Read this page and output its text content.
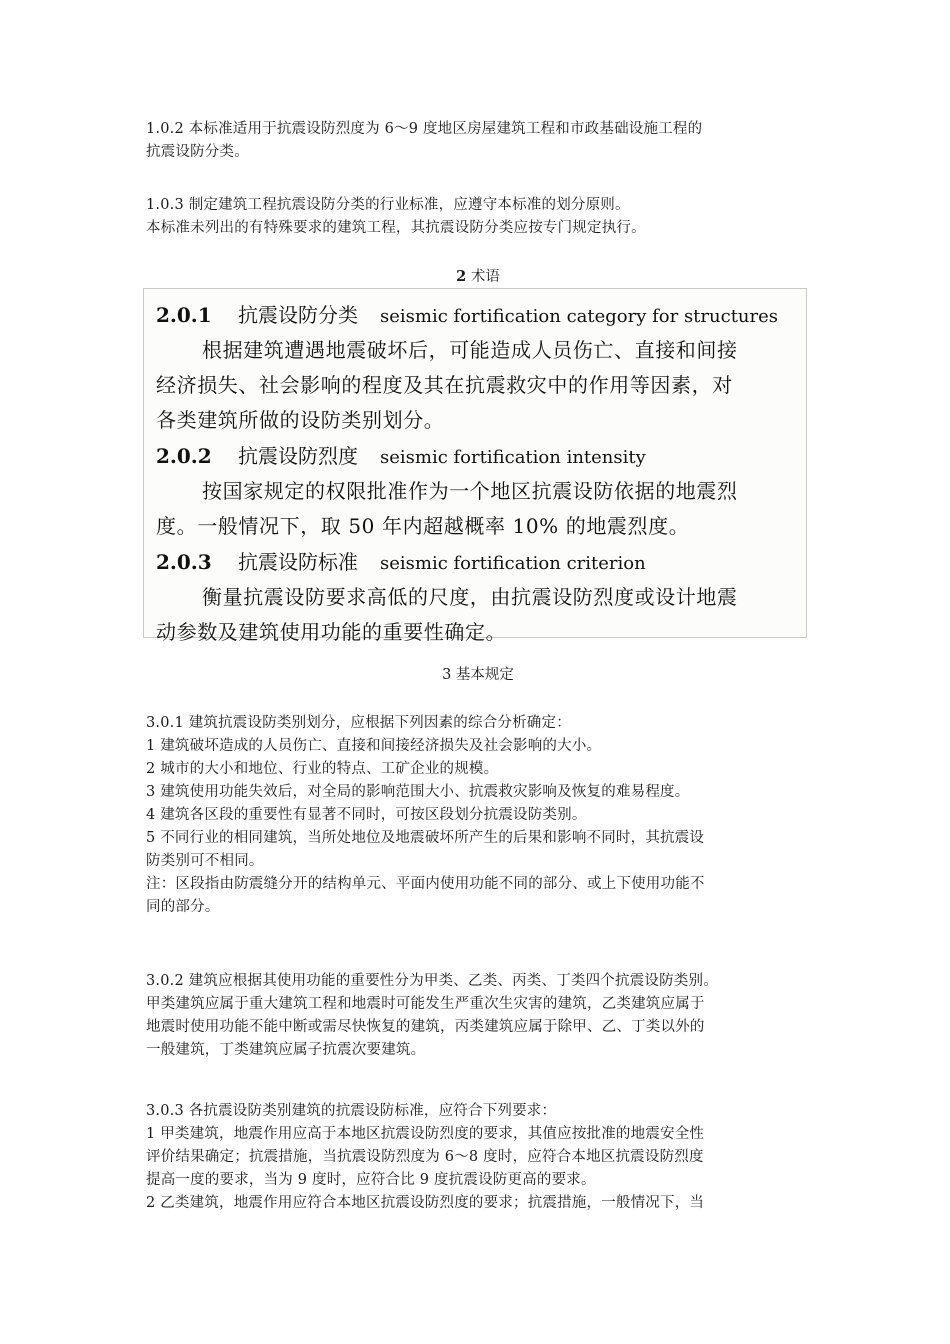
1.0.2 本标准适用于抗震设防烈度为 6～9 度地区房屋建筑工程和市政基础设施工程的
抗震设防分类。
1.0.3 制定建筑工程抗震设防分类的行业标准，应遵守本标准的划分原则。
本标准未列出的有特殊要求的建筑工程，其抗震设防分类应按专门规定执行。
2 术语
2.0.1 抗震设防分类 seismic fortification category for structures
根据建筑遭遇地震破坏后，可能造成人员伤亡、直接和间接
经济损失、社会影响的程度及其在抗震救灾中的作用等因素，对
各类建筑所做的设防类别划分。
2.0.2 抗震设防烈度 seismic fortification intensity
按国家规定的权限批准作为一个地区抗震设防依据的地震烈
度。一般情况下，取 50 年内超越概率 10% 的地震烈度。
2.0.3 抗震设防标准 seismic fortification criterion
衡量抗震设防要求高低的尺度，由抗震设防烈度或设计地震
动参数及建筑使用功能的重要性确定。
3 基本规定
3.0.1 建筑抗震设防类别划分，应根据下列因素的综合分析确定：
1 建筑破坏造成的人员伤亡、直接和间接经济损失及社会影响的大小。
2 城市的大小和地位、行业的特点、工矿企业的规模。
3 建筑使用功能失效后，对全局的影响范围大小、抗震救灾影响及恢复的难易程度。
4 建筑各区段的重要性有显著不同时，可按区段划分抗震设防类别。
5 不同行业的相同建筑，当所处地位及地震破坏所产生的后果和影响不同时，其抗震设
防类别可不相同。
注：区段指由防震缝分开的结构单元、平面内使用功能不同的部分、或上下使用功能不
同的部分。
3.0.2 建筑应根据其使用功能的重要性分为甲类、乙类、丙类、丁类四个抗震设防类别。
甲类建筑应属于重大建筑工程和地震时可能发生严重次生灾害的建筑，乙类建筑应属于
地震时使用功能不能中断或需尽快恢复的建筑，丙类建筑应属于除甲、乙、丁类以外的
一般建筑，丁类建筑应属子抗震次要建筑。
3.0.3 各抗震设防类别建筑的抗震设防标准，应符合下列要求：
1 甲类建筑，地震作用应高于本地区抗震设防烈度的要求，其值应按批准的地震安全性
评价结果确定；抗震措施，当抗震设防烈度为 6～8 度时，应符合本地区抗震设防烈度
提高一度的要求，当为 9 度时，应符合比 9 度抗震设防更高的要求。
2 乙类建筑，地震作用应符合本地区抗震设防烈度的要求；抗震措施，一般情况下，当
